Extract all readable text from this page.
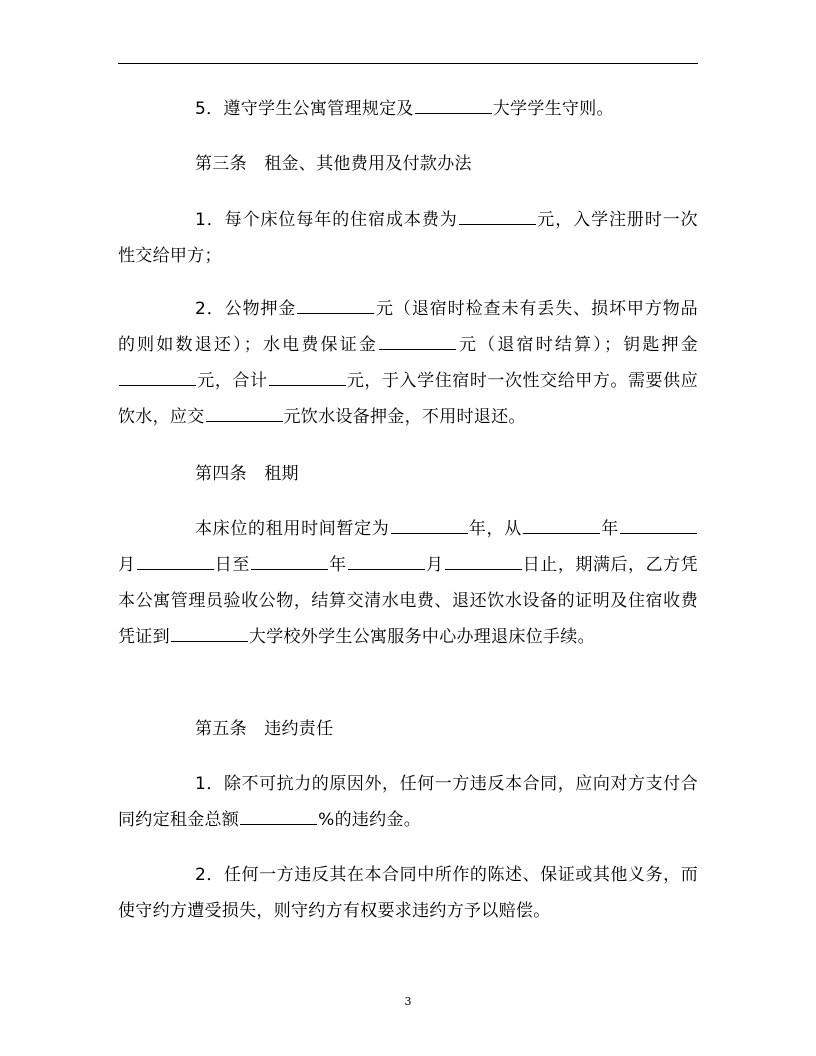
5．遵守学生公寓管理规定及	大学学生守则。
第三条　租金、其他费用及付款办法
1．每个床位每年的住宿成本费为	元，入学注册时一次性交给甲方；
2．公物押金	元（退宿时检查未有丢失、损坏甲方物品的则如数退还）；水电费保证金	元（退宿时结算）；钥匙押金元，合计	元，于入学住宿时一次性交给甲方。需要供应饮水，应交	元饮水设备押金，不用时退还。
第四条　租期
本床位的租用时间暂定为	年，从	年月	日至	年	月	日止，期满后，乙方凭本公寓管理员验收公物，结算交清水电费、退还饮水设备的证明及住宿收费凭证到	大学校外学生公寓服务中心办理退床位手续。
第五条　违约责任
1．除不可抗力的原因外，任何一方违反本合同，应向对方支付合同约定租金总额	%的违约金。
2．任何一方违反其在本合同中所作的陈述、保证或其他义务，而使守约方遭受损失，则守约方有权要求违约方予以赔偿。
3
